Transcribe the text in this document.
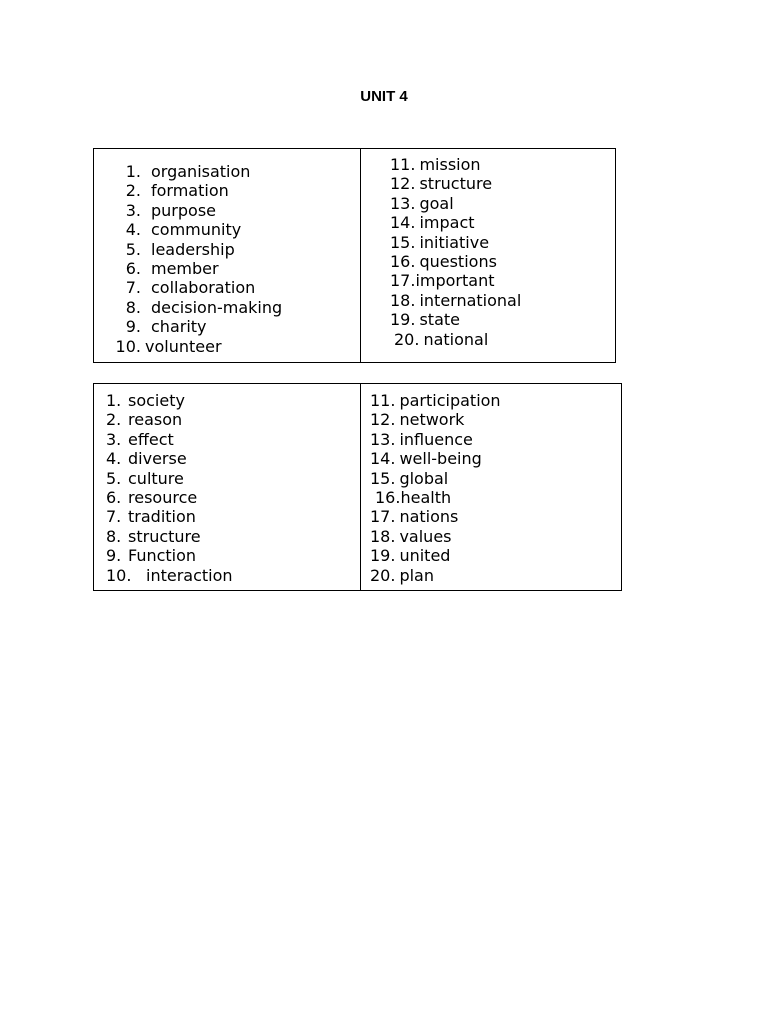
UNIT 4
1. organisation
2. formation
3. purpose
4. community
5. leadership
6. member
7. collaboration
8. decision-making
9. charity
10. volunteer
11. mission
12. structure
13. goal
14. impact
15. initiative
16. questions
17.important
18. international
19. state
20. national
1. society
2. reason
3. effect
4. diverse
5. culture
6. resource
7. tradition
8. structure
9. Function
10. interaction
11. participation
12. network
13. influence
14. well-being
15. global
16.health
17. nations
18. values
19. united
20. plan
